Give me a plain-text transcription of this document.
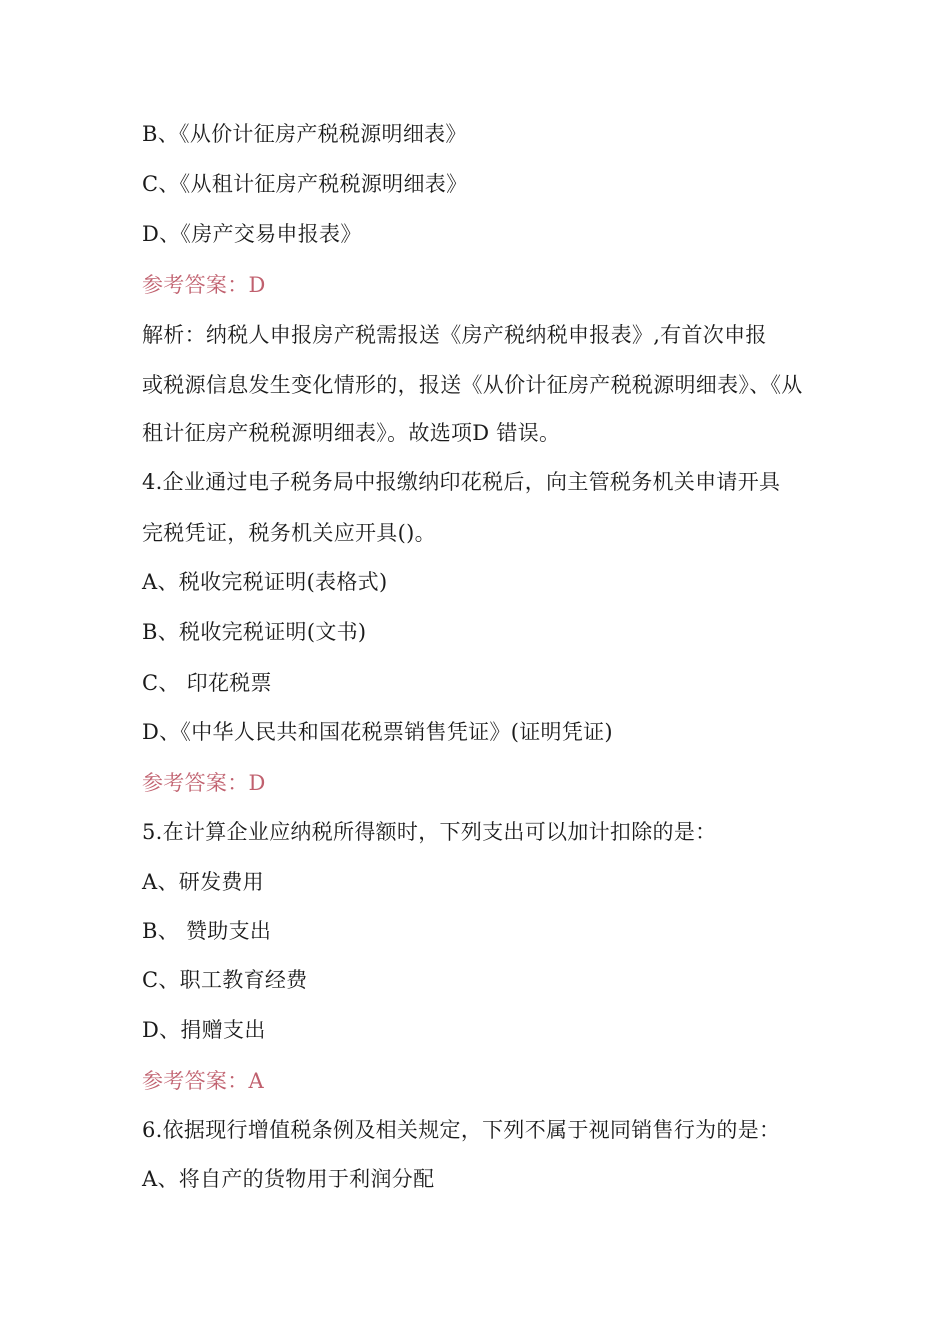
B、《从价计征房产税税源明细表》
C、《从租计征房产税税源明细表》
D、《房产交易申报表》
参考答案：D
解析：纳税人申报房产税需报送《房产税纳税申报表》,有首次申报
或税源信息发生变化情形的，报送《从价计征房产税税源明细表》、《从
租计征房产税税源明细表》。故选项D 错误。
4.企业通过电子税务局中报缴纳印花税后，向主管税务机关申请开具
完税凭证，税务机关应开具()。
A、税收完税证明(表格式)
B、税收完税证明(文书)
C、 印花税票
D、《中华人民共和国花税票销售凭证》(证明凭证)
参考答案：D
5.在计算企业应纳税所得额时，下列支出可以加计扣除的是：
A、研发费用
B、 赞助支出
C、职工教育经费
D、捐赠支出
参考答案：A
6.依据现行增值税条例及相关规定，下列不属于视同销售行为的是：
A、将自产的货物用于利润分配
